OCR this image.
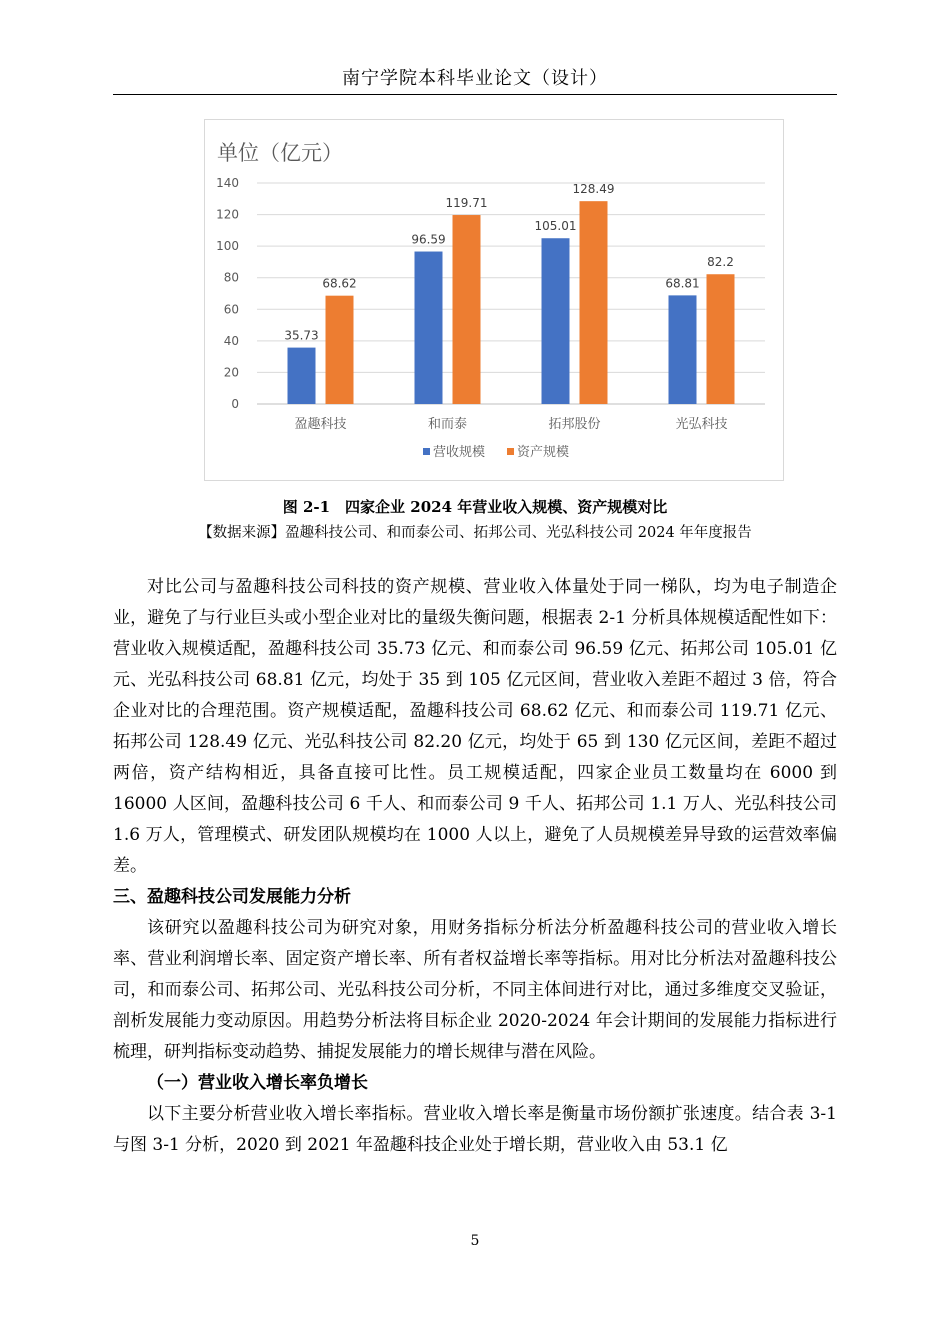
南宁学院本科毕业论文（设计）
单位（亿元）
0
20
40
60
80
100
120
140
35.73
68.62
盈趣科技
96.59
119.71
和而泰
105.01
128.49
拓邦股份
68.81
82.2
光弘科技
营收规模 资产规模
图 2-1　四家企业 2024 年营业收入规模、资产规模对比
【数据来源】盈趣科技公司、和而泰公司、拓邦公司、光弘科技公司 2024 年年度报告

对比公司与盈趣科技公司科技的资产规模、营业收入体量处于同一梯队，均为电子制造企业，避免了与行业巨头或小型企业对比的量级失衡问题，根据表 2-1 分析具体规模适配性如下：营业收入规模适配，盈趣科技公司 35.73 亿元、和而泰公司 96.59 亿元、拓邦公司 105.01 亿元、光弘科技公司 68.81 亿元，均处于 35 到 105 亿元区间，营业收入差距不超过 3 倍，符合企业对比的合理范围。资产规模适配，盈趣科技公司 68.62 亿元、和而泰公司 119.71 亿元、拓邦公司 128.49 亿元、光弘科技公司 82.20 亿元，均处于 65 到 130 亿元区间，差距不超过两倍，资产结构相近，具备直接可比性。员工规模适配，四家企业员工数量均在 6000 到 16000 人区间，盈趣科技公司 6 千人、和而泰公司 9 千人、拓邦公司 1.1 万人、光弘科技公司 1.6 万人，管理模式、研发团队规模均在 1000 人以上，避免了人员规模差异导致的运营效率偏差。

三、盈趣科技公司发展能力分析

该研究以盈趣科技公司为研究对象，用财务指标分析法分析盈趣科技公司的营业收入增长率、营业利润增长率、固定资产增长率、所有者权益增长率等指标。用对比分析法对盈趣科技公司，和而泰公司、拓邦公司、光弘科技公司分析，不同主体间进行对比，通过多维度交叉验证，剖析发展能力变动原因。用趋势分析法将目标企业 2020-2024 年会计期间的发展能力指标进行梳理，研判指标变动趋势、捕捉发展能力的增长规律与潜在风险。

（一）营业收入增长率负增长

以下主要分析营业收入增长率指标。营业收入增长率是衡量市场份额扩张速度。结合表 3-1 与图 3-1 分析，2020 到 2021 年盈趣科技企业处于增长期，营业收入由 53.1 亿

5
